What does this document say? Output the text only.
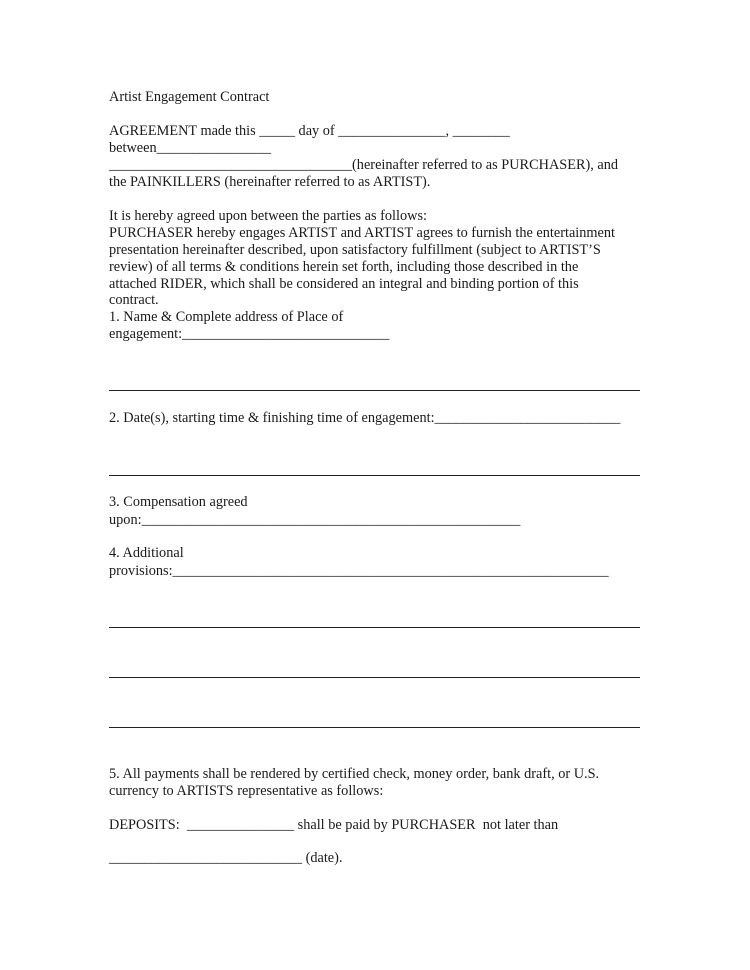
Artist Engagement Contract

AGREEMENT made this _____ day of _______________, ________

between________________

__________________________________(hereinafter referred to as PURCHASER), and

the PAINKILLERS (hereinafter referred to as ARTIST).

It is hereby agreed upon between the parties as follows:

PURCHASER hereby engages ARTIST and ARTIST agrees to furnish the entertainment

presentation hereinafter described, upon satisfactory fulfillment (subject to ARTIST’S

review) of all terms & conditions herein set forth, including those described in the

attached RIDER, which shall be considered an integral and binding portion of this

contract.

1. Name & Complete address of Place of

engagement:_____________________________

2. Date(s), starting time & finishing time of engagement:__________________________

3. Compensation agreed

upon:_____________________________________________________

4. Additional

provisions:_____________________________________________________________

5. All payments shall be rendered by certified check, money order, bank draft, or U.S.

currency to ARTISTS representative as follows:

DEPOSITS:  _______________ shall be paid by PURCHASER  not later than

___________________________ (date).
